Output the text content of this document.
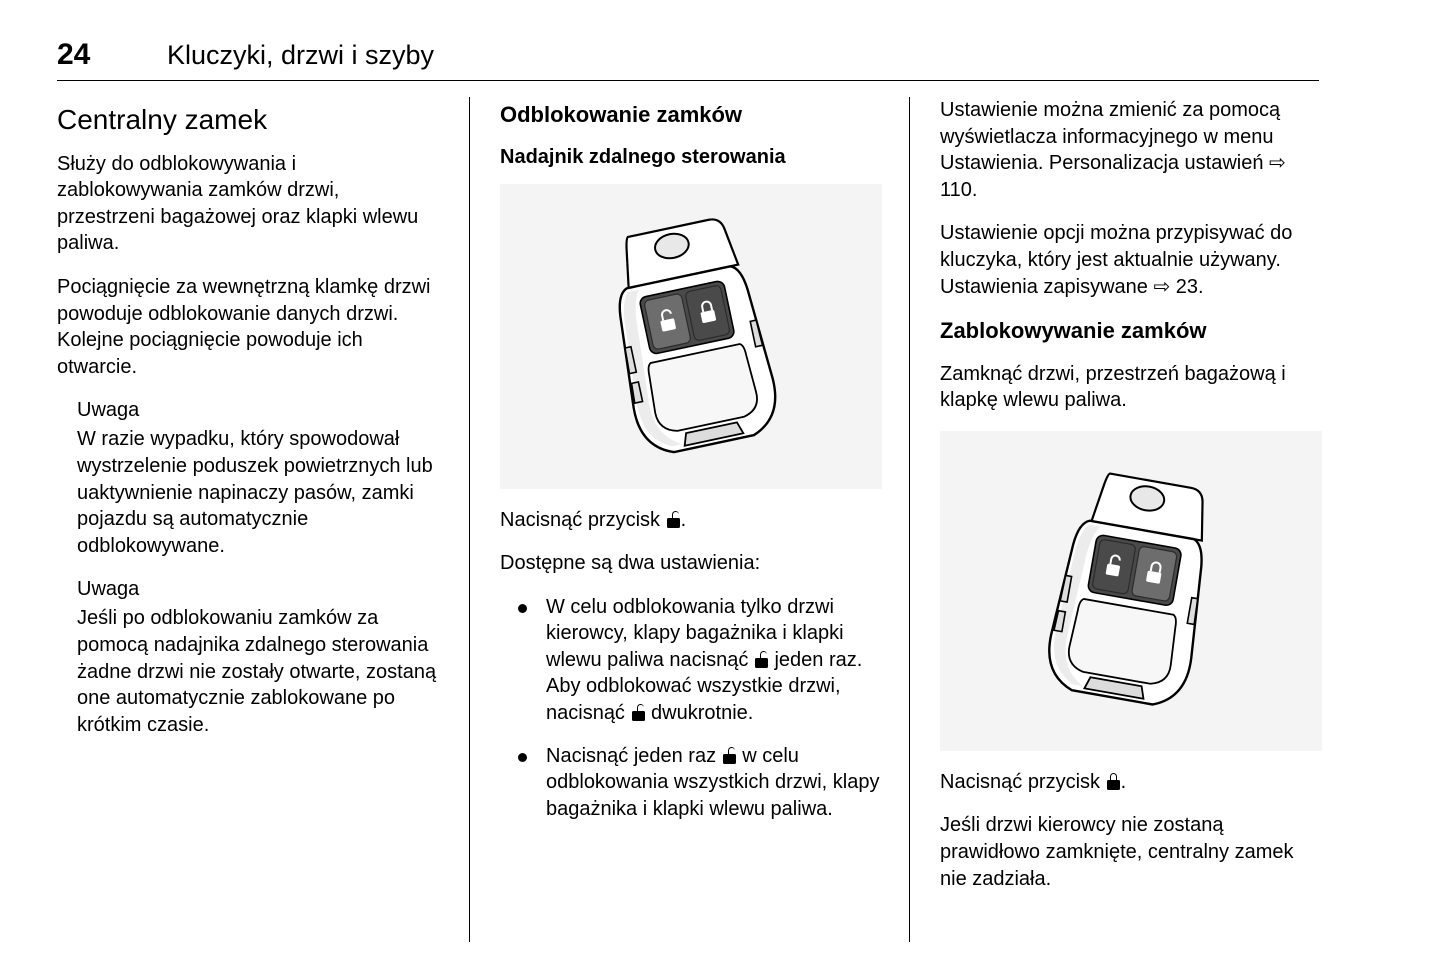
24	Kluczyki, drzwi i szyby
Centralny zamek

Służy do odblokowywania i zablokowywania zamków drzwi, przestrzeni bagażowej oraz klapki wlewu paliwa.

Pociągnięcie za wewnętrzną klamkę drzwi powoduje odblokowanie danych drzwi. Kolejne pociągnięcie powoduje ich otwarcie.

Uwaga

W razie wypadku, który spowodował wystrzelenie poduszek powietrznych lub uaktywnienie napinaczy pasów, zamki pojazdu są automatycznie odblokowywane.

Uwaga

Jeśli po odblokowaniu zamków za pomocą nadajnika zdalnego sterowania żadne drzwi nie zostały otwarte, zostaną one automatycznie zablokowane po krótkim czasie.

Odblokowanie zamków
Nadajnik zdalnego sterowania

Nacisnąć przycisk
.

Dostępne są dwa ustawienia:

W celu odblokowania tylko drzwi kierowcy, klapy bagażnika i klapki wlewu paliwa nacisnąć
jeden raz. Aby odblokować wszystkie drzwi, nacisnąć
dwukrotnie.
Nacisnąć jeden raz
w celu odblokowania wszystkich drzwi, klapy bagażnika i klapki wlewu paliwa.

Ustawienie można zmienić za pomocą wyświetlacza informacyjnego w menu Ustawienia. Personalizacja ustawień ⇨ 110.

Ustawienie opcji można przypisywać do kluczyka, który jest aktualnie używany. Ustawienia zapisywane ⇨ 23.

Zablokowywanie zamków

Zamknąć drzwi, przestrzeń bagażową i klapkę wlewu paliwa.

Nacisnąć przycisk
.

Jeśli drzwi kierowcy nie zostaną prawidłowo zamknięte, centralny zamek nie zadziała.
